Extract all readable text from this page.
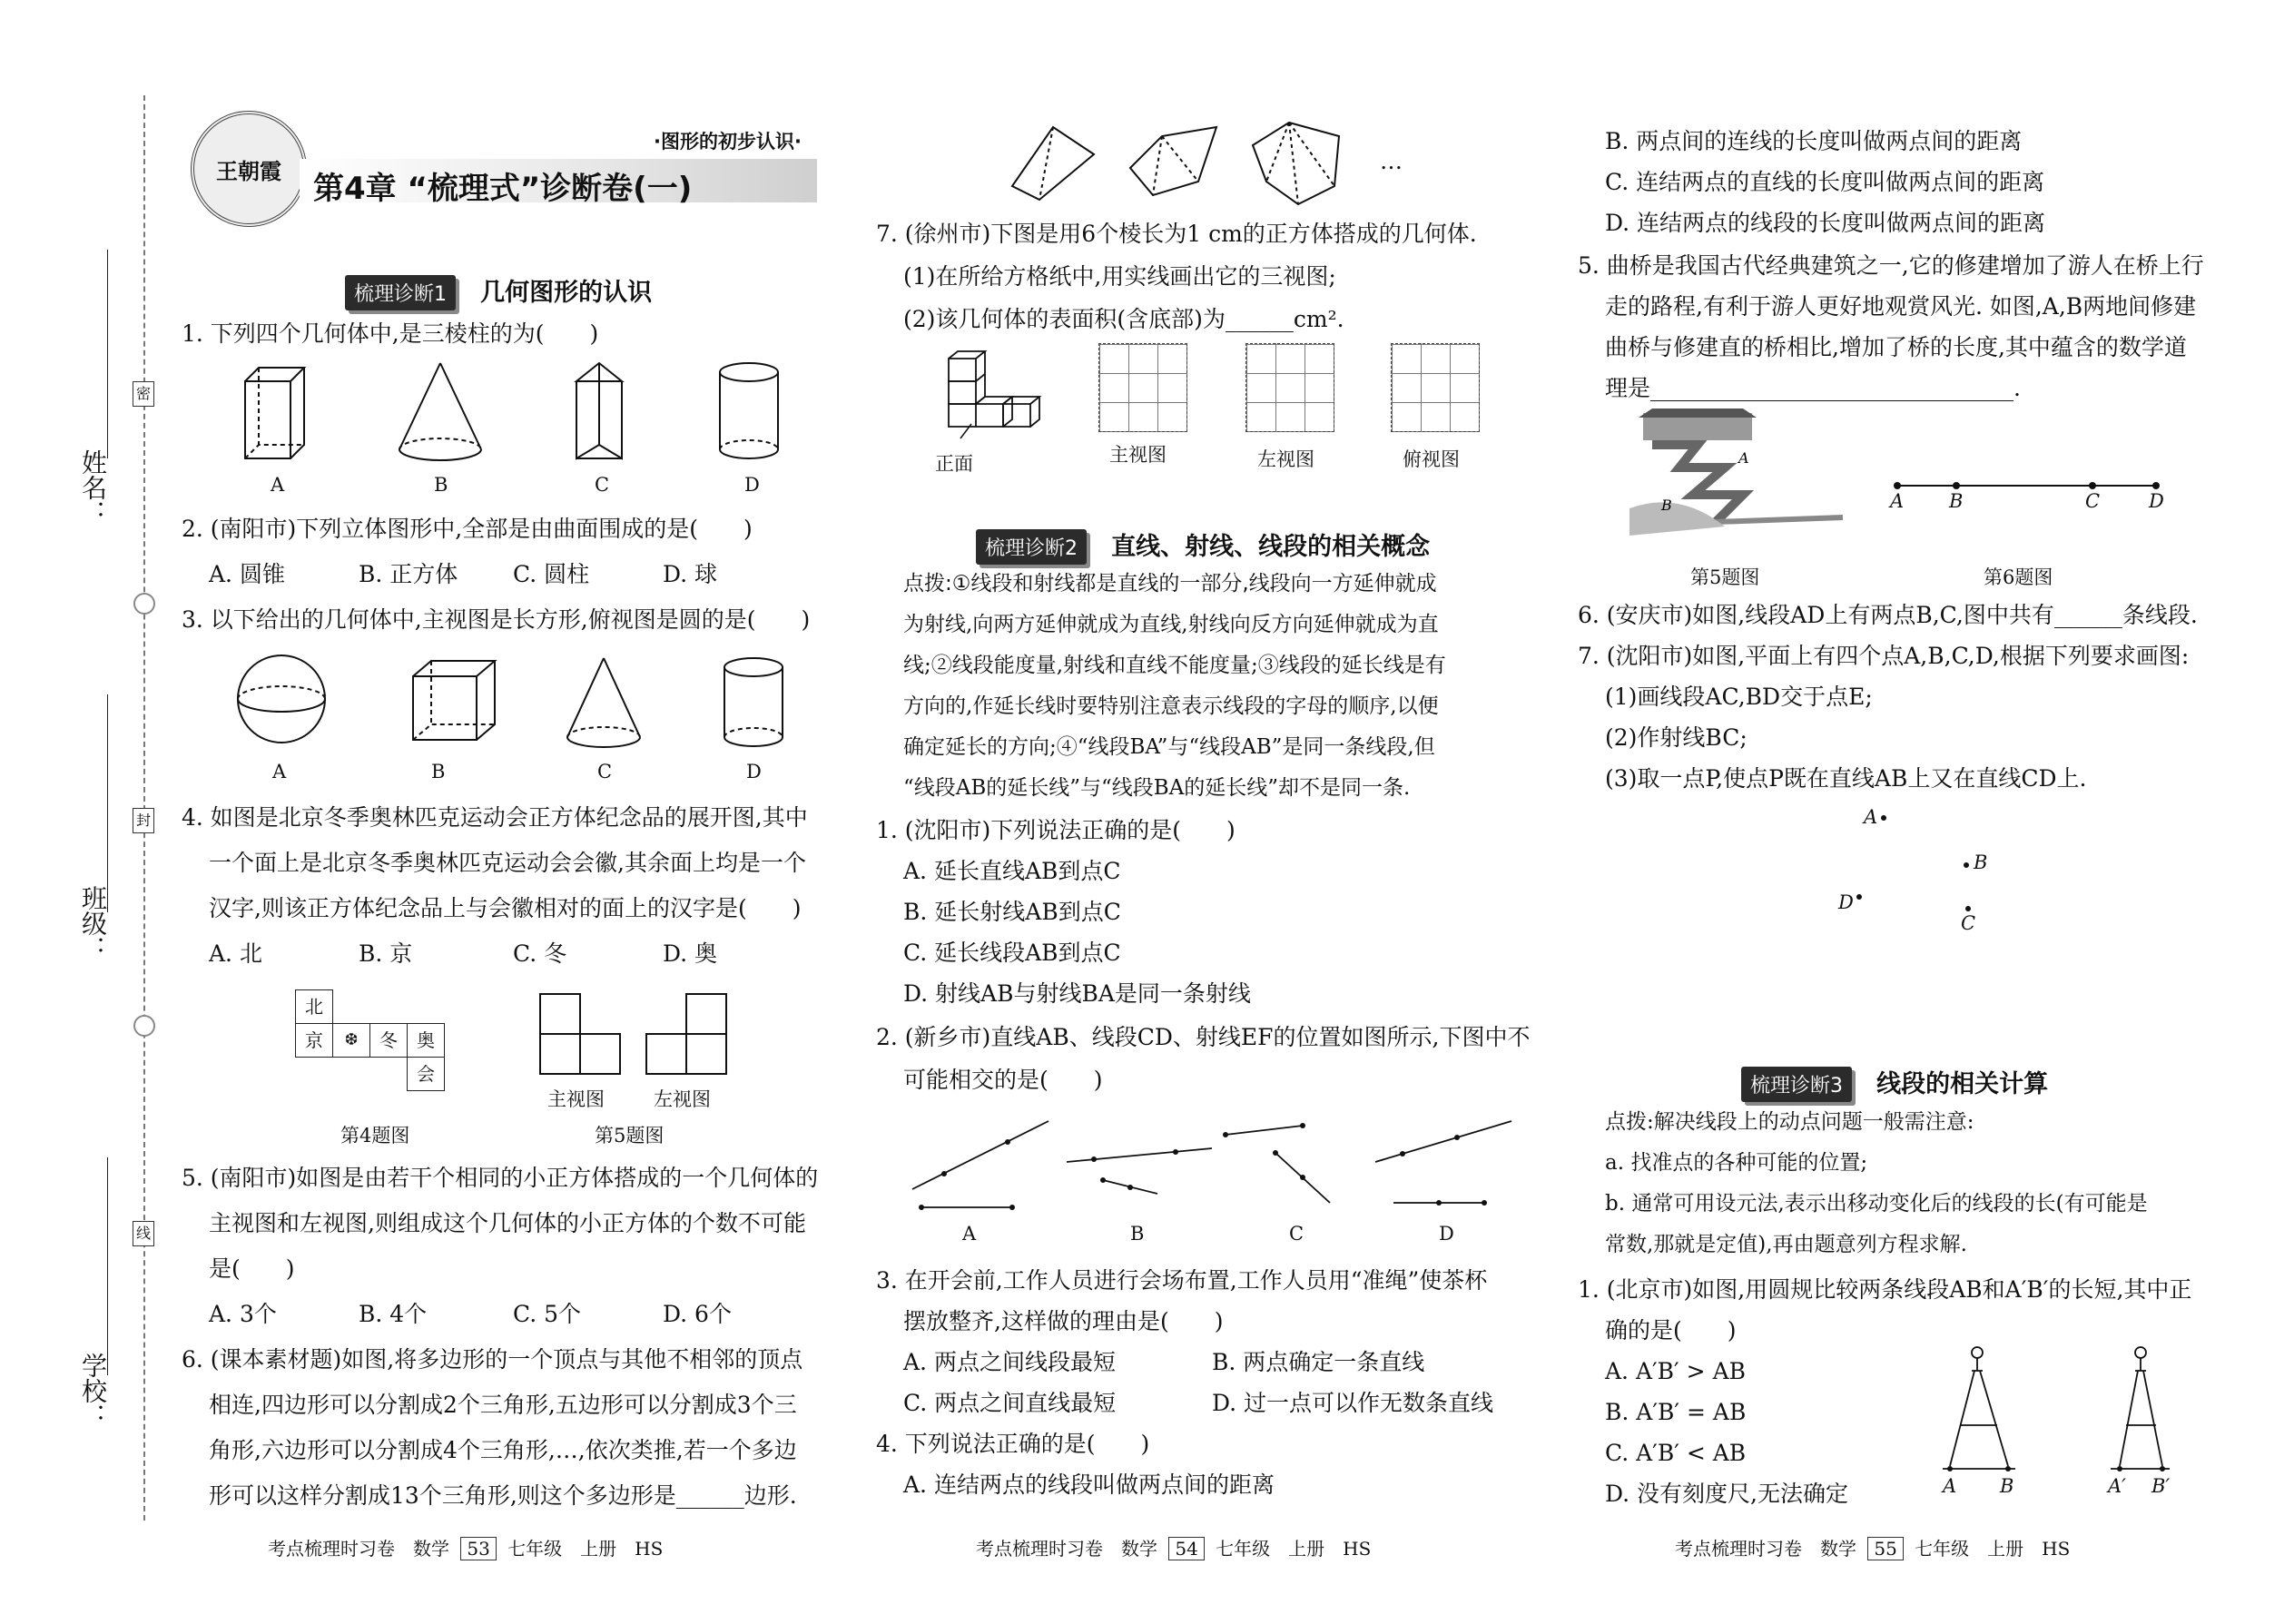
姓名：
班级：
学校：
密
封
线
王朝霞
·图形的初步认识·
第4章 “梳理式”诊断卷(一)
梳理诊断1 几何图形的认识
1. 下列四个几何体中,是三棱柱的为(　　)
A	B	C	D
2. (南阳市)下列立体图形中,全部是由曲面围成的是(　　)
A. 圆锥	B. 正方体 C. 圆柱	D. 球
3. 以下给出的几何体中,主视图是长方形,俯视图是圆的是(　　)
A	B	C	D
4. 如图是北京冬季奥林匹克运动会正方体纪念品的展开图,其中
一个面上是北京冬季奥林匹克运动会会徽,其余面上均是一个
汉字,则该正方体纪念品上与会徽相对的面上的汉字是(　　)
A. 北	B. 京	C. 冬	D. 奥
北
京	❆	冬	奥
会
主视图	左视图
第4题图	第5题图
5. (南阳市)如图是由若干个相同的小正方体搭成的一个几何体的
主视图和左视图,则组成这个几何体的小正方体的个数不可能
是(　　)
A. 3个	B. 4个	C. 5个	D. 6个
6. (课本素材题)如图,将多边形的一个顶点与其他不相邻的顶点
相连,四边形可以分割成2个三角形,五边形可以分割成3个三
角形,六边形可以分割成4个三角形,…,依次类推,若一个多边
形可以这样分割成13个三角形,则这个多边形是______边形.
考点梳理时习卷　数学 53 七年级　上册　HS
…
7. (徐州市)下图是用6个棱长为1 cm的正方体搭成的几何体.
(1)在所给方格纸中,用实线画出它的三视图;
(2)该几何体的表面积(含底部)为______cm².
正面	主视图	左视图	俯视图
梳理诊断2 直线、射线、线段的相关概念
点拨:①线段和射线都是直线的一部分,线段向一方延伸就成
为射线,向两方延伸就成为直线,射线向反方向延伸就成为直
线;②线段能度量,射线和直线不能度量;③线段的延长线是有
方向的,作延长线时要特别注意表示线段的字母的顺序,以便
确定延长的方向;④“线段BA”与“线段AB”是同一条线段,但
“线段AB的延长线”与“线段BA的延长线”却不是同一条.
1. (沈阳市)下列说法正确的是(　　)
A. 延长直线AB到点C
B. 延长射线AB到点C
C. 延长线段AB到点C
D. 射线AB与射线BA是同一条射线
2. (新乡市)直线AB、线段CD、射线EF的位置如图所示,下图中不
可能相交的是(　　)
A	B	C	D
3. 在开会前,工作人员进行会场布置,工作人员用“准绳”使茶杯
摆放整齐,这样做的理由是(　　)
A. 两点之间线段最短	B. 两点确定一条直线
C. 两点之间直线最短	D. 过一点可以作无数条直线
4. 下列说法正确的是(　　)
A. 连结两点的线段叫做两点间的距离
考点梳理时习卷　数学 54 七年级　上册　HS
B. 两点间的连线的长度叫做两点间的距离
C. 连结两点的直线的长度叫做两点间的距离
D. 连结两点的线段的长度叫做两点间的距离
5. 曲桥是我国古代经典建筑之一,它的修建增加了游人在桥上行
走的路程,有利于游人更好地观赏风光. 如图,A,B两地间修建
曲桥与修建直的桥相比,增加了桥的长度,其中蕴含的数学道
理是________________________________.
B
A
A B	C	D
第5题图	第6题图
6. (安庆市)如图,线段AD上有两点B,C,图中共有______条线段.
7. (沈阳市)如图,平面上有四个点A,B,C,D,根据下列要求画图:
(1)画线段AC,BD交于点E;
(2)作射线BC;
(3)取一点P,使点P既在直线AB上又在直线CD上.
A
B
D
C
梳理诊断3 线段的相关计算
点拨:解决线段上的动点问题一般需注意:
a. 找准点的各种可能的位置;
b. 通常可用设元法,表示出移动变化后的线段的长(有可能是
常数,那就是定值),再由题意列方程求解.
1. (北京市)如图,用圆规比较两条线段AB和A′B′的长短,其中正
确的是(　　)
A. A′B′ > AB
B. A′B′ = AB
C. A′B′ < AB
D. 没有刻度尺,无法确定	A B	A′ B′
考点梳理时习卷　数学 55 七年级　上册　HS
